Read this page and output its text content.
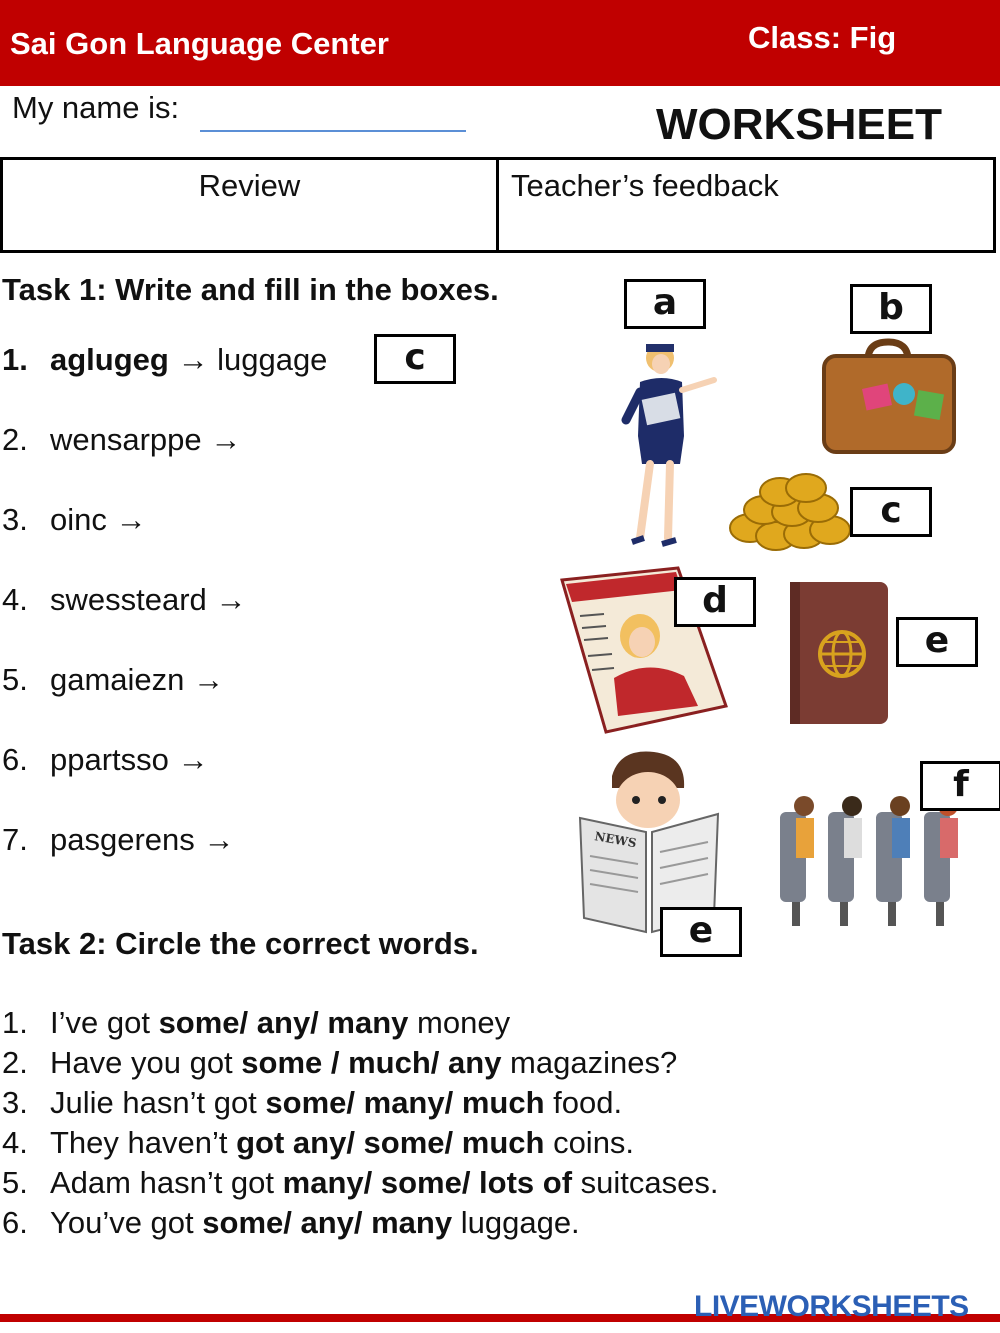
Sai Gon Language Center	Class: Fig
My name is:	WORKSHEET
Review	Teacher’s feedback
Task 1: Write and fill in the boxes.
1. aglugeg → luggage	c
2. wensarppe →
3. oinc →
4. swessteard →
5. gamaiezn →
6. ppartsso →
7. pasgerens →
a	b
c
d
e
NEWS
e
f
Task 2: Circle the correct words.
1. I’ve got some/ any/ many money
2. Have you got some / much/ any magazines?
3. Julie hasn’t got some/ many/ much food.
4. They haven’t got any/ some/ much coins.
5. Adam hasn’t got many/ some/ lots of suitcases.
6. You’ve got some/ any/ many luggage.
LIVEWORKSHEETS
